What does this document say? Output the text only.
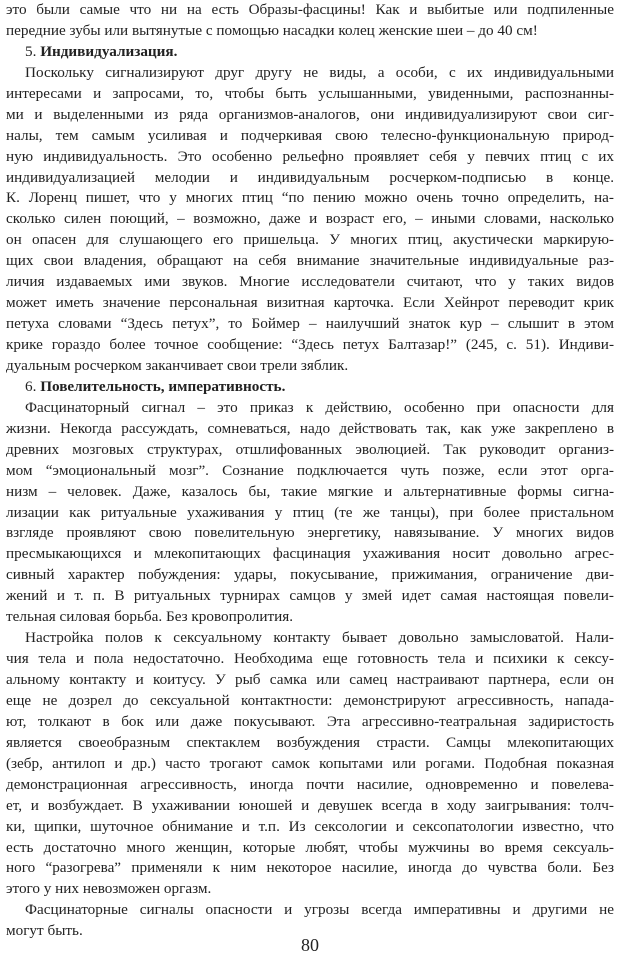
это были самые что ни на есть Образы-фасцины! Как и выбитые или подпиленные
передние зубы или вытянутые с помощью насадки колец женские шеи – до 40 см!
5. Индивидуализация.
Поскольку сигнализируют друг другу не виды, а особи, с их индивидуальными
интересами и запросами, то, чтобы быть услышанными, увиденными, распознанны-
ми и выделенными из ряда организмов-аналогов, они индивидуализируют свои сиг-
налы, тем самым усиливая и подчеркивая свою телесно-функциональную природ-
ную индивидуальность. Это особенно рельефно проявляет себя у певчих птиц с их
индивидуализацией мелодии и индивидуальным росчерком-подписью в конце.
К. Лоренц пишет, что у многих птиц “по пению можно очень точно определить, на-
сколько силен поющий, – возможно, даже и возраст его, – иными словами, насколько
он опасен для слушающего его пришельца. У многих птиц, акустически маркирую-
щих свои владения, обращают на себя внимание значительные индивидуальные раз-
личия издаваемых ими звуков. Многие исследователи считают, что у таких видов
может иметь значение персональная визитная карточка. Если Хейнрот переводит крик
петуха словами “Здесь петух”, то Боймер – наилучший знаток кур – слышит в этом
крике гораздо более точное сообщение: “Здесь петух Балтазар!” (245, с. 51). Индиви-
дуальным росчерком заканчивает свои трели зяблик.
6. Повелительность, императивность.
Фасцинаторный сигнал – это приказ к действию, особенно при опасности для
жизни. Некогда рассуждать, сомневаться, надо действовать так, как уже закреплено в
древних мозговых структурах, отшлифованных эволюцией. Так руководит организ-
мом “эмоциональный мозг”. Сознание подключается чуть позже, если этот орга-
низм – человек. Даже, казалось бы, такие мягкие и альтернативные формы сигна-
лизации как ритуальные ухаживания у птиц (те же танцы), при более пристальном
взгляде проявляют свою повелительную энергетику, навязывание. У многих видов
пресмыкающихся и млекопитающих фасцинация ухаживания носит довольно агрес-
сивный характер побуждения: удары, покусывание, прижимания, ограничение дви-
жений и т. п. В ритуальных турнирах самцов у змей идет самая настоящая повели-
тельная силовая борьба. Без кровопролития.
Настройка полов к сексуальному контакту бывает довольно замысловатой. Нали-
чия тела и пола недостаточно. Необходима еще готовность тела и психики к сексу-
альному контакту и коитусу. У рыб самка или самец настраивают партнера, если он
еще не дозрел до сексуальной контактности: демонстрируют агрессивность, напада-
ют, толкают в бок или даже покусывают. Эта агрессивно-театральная задиристость
является своеобразным спектаклем возбуждения страсти. Самцы млекопитающих
(зебр, антилоп и др.) часто трогают самок копытами или рогами. Подобная показная
демонстрационная агрессивность, иногда почти насилие, одновременно и повелева-
ет, и возбуждает. В ухаживании юношей и девушек всегда в ходу заигрывания: толч-
ки, щипки, шуточное обнимание и т.п. Из сексологии и сексопатологии известно, что
есть достаточно много женщин, которые любят, чтобы мужчины во время сексуаль-
ного “разогрева” применяли к ним некоторое насилие, иногда до чувства боли. Без
этого у них невозможен оргазм.
Фасцинаторные сигналы опасности и угрозы всегда императивны и другими не
могут быть.
80
